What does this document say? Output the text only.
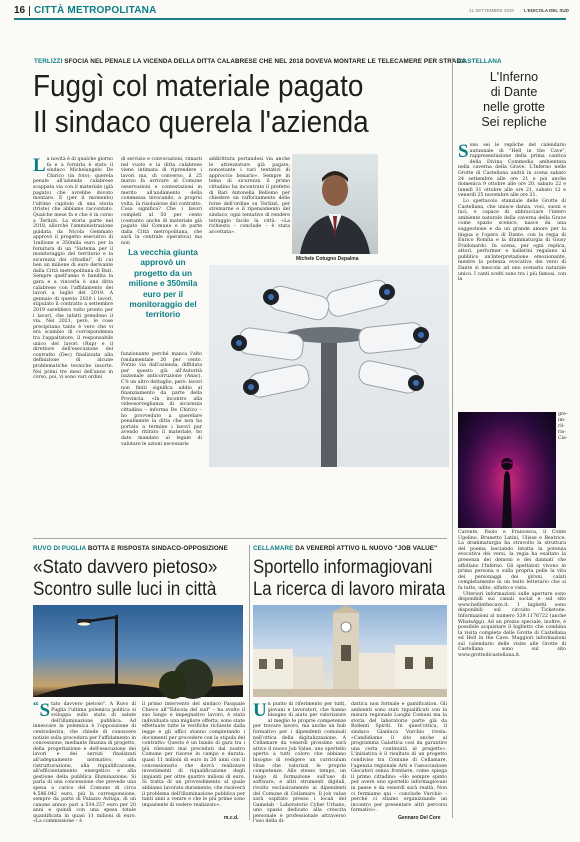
16 CITTÀ METROPOLITANA	21 SETTEMBRE 2020 L'EDICOLA DEL SUD
TERLIZZI SFOCIA NEL PENALE LA VICENDA DELLA DITTA CALABRESE CHE NEL 2018 DOVEVA MONTARE LE TELECAMERE PER STRADA
Fuggì col materiale pagato
Il sindaco querela l'azienda
L a novità è di qualche giorno fa e a fornirla è stato il sindaco Michelangelo De Chirico (in foto): querela penale all'azienda calabrese scappata via con il materiale (già pagato) che avrebbe dovuto montare. E (per il momento) l'ultimo capitolo di una storia (triste) che abbiamo raccontato. Qualche mese fa e che è in corso a Terlizzi. La storia parte nel 2018, allorché l'amministrazione guidata da Nicola Gemmato approvò il progetto esecutivo di 1milione e 350mila euro per la fornitura di un "Sistema per il monitoraggio del territorio e la sicurezza dei cittadini", di cui ben un milione di euro derivante dalla Città metropolitana di Bari. Sempre quell'anno è bandita la gara e a vincerla è una ditta calabrese con l'affidamento dei lavori a luglio del 2019. A gennaio di questo 2020 i lavori, stipulato il contratto a settembre 2019 sarebbero tutto pronto per i lavori, che infatti prendono il via. Nel 2021, però, le cose precipitano tanto è vero che vi era scambio di corrispondenza tra l'appaltatore, il responsabile unico del lavori (Rup) e il direttore dell'esecuzione del contratto (Dec) finalizzata alla definizione di alcune problematiche tecniche insorte. Nei primi tre mesi dell'anno in corso, poi, vi sono vari ordini

di servizio e convocazioni, rimasti nel vuoto e la ditta calabrese viene intimata di riprendere i lavori ma, di converso, il 25 marzo fa arrivare al Comune osservazioni e contestazioni in merito all'andamento della commessa invocando, a proprio volta, la risoluzione del contratto. Cosa significa? Che i lavori completi al 50 per cento (contanto anche di materiale già pagato dal Comune e in parte dalla Città metropolitana, che sarà la centrale operativa) ma non

La vecchia giunta approvò un progetto da un milione e 350mila euro per il monitoraggio del territorio

funzionante perché manca l'alto fondamentale 20 per cento. Porzio via dall'azienda, diffidata per questo già all'Autorità nazionale anticorruzione (Anac). C'è un altro dettaglio, però: lavori non finiti significa addio al finanziamento da parte della Provincia. «In incontro alla videosorveglianza di sicurezza cittadina – informa De Chirico – ho provveduto a querelare penalmente la ditta che non ha portato a termine i lavori pur avendo ritirato il materiale, ho dato mandato al legale di valutare le azioni necessarie

addirittura portandosi via anche le attrezzature già pagate, nonostante i vari tentativi di approccio bonario». Sempre in tema di sicurezza il primo cittadino ha incontrato il prefetto di Bari Antonella Bellomo per chiedere un rafforzamento delle forze dell'ordine su Terlizzi, per stremarne e il ripensamento del sindaco, ogni tentativo di rendere tetraggio facile la città. «La richiesta – conclude – è stata accettata».

Michele Cotugno Depalma
CASTELLANA
L'Inferno
di Dante
nelle grotte
Sei repliche
S ono sei le repliche del calendario autunnale di "Hell in the Cave", rappresentazione della prima cantica della Divina Commedia ambientata nella caverna della Grave. L'Inferno nelle Grotte di Castellana andrà in scena sabato 24 settembre alle ore 21 e poi anche domenica 9 ottobre alle ore 20, sabato 22 e lunedì 31 ottobre alle ore 21, sabato 12 e venerdì 25 novembre alle ore 21.

Lo spettacolo stanziale delle Grotte di Castellana, che unisce danza, voci, suoni e luci, e capace di abbracciare l'intero ambiente naturale della caverna della Grave come spazio scenico, nasce da una suggestione e da un grande amore per la lingua e l'opera di Dante, con la regia di Enrico Romita e la drammaturgia di Giusy Frallonardo. In scena, per ogni replica, attori, performer e ballerini regalano al pubblico un'interpretazione emozionante, mentre la potenza evocativa dei versi di Dante si mescola ad uno scenario naturale unico. I canti scelti sono tra i più famosi, con la

gre- im- ril- rio- Cia-

Caronte, Paolo e Francesca, il Conte Ugolino, Brunetto Latini, Ulisse e Beatrice. La drammaturgia ha stravolto la struttura del poema lasciando intatta la potenza evocativa dei versi, la regia ha esaltato la presenza dei demoni e dei dannati che affollano l'Inferno. Gli spettatori vivono in prima persona e sulla propria pelle la vita dei personaggi dei gironi, calati completamente in un testo letterario che si fa tatto, udito, olfatto e vista.

Ulteriori informazioni sulle aperture sono disponibili sui canali social e sul sito www.hellinthecave.it. I biglietti sono disponibili sul circuito Ticketone. Informazioni al numero 339.1176722 (anche WhatsApp). Ad un prezzo speciale, inoltre, è possibile acquistare il biglietto che combina la visita completa delle Grotte di Castellana ed Hell in the Cave. Maggiori informazioni sul calendario delle visite alle Grotte di Castellana sono sul sito www.grottedicastellana.it.

RUVO DI PUGLIA BOTTA E RISPOSTA SINDACO-OPPOSIZIONE
«Stato davvero pietoso»
Scontro sulle luci in città
“ S tato davvero pietoso". A Ruvo di Puglia l'ultima polemica politica si sviluppa sullo stato di salute dell'illuminazione pubblica. Ad innescare la polemica è l'opposizione di centrodestra, che chiede di conoscere notizie sulla procedura per l'affidamento in concessione, mediante finanza di progetto, della progettazione e dell'esecuzione dei lavori e dei servizi finalizzati all'adeguamento normativo, alla ristrutturazione, alla riqualificazione, all'efficientamento energetico e alla gestione della pubblica illuminazione. Si parla di una concessione che prevede una spesa a carico del Comune di circa 4.586.042 euro, più la corresponsione, sempre da parte di Palazzo Avitaja, di un canone annuo pari a 534.257 euro per 20 anni e quindi con una spesa totale quantificata in quasi 11 milioni di euro. «La commissione – è

il primo intervento del sindaco Pasquale Chieco all'"Edicola del sud" – ha svolto il suo lungo e impegnativo lavoro, è stata individuata una migliore offerta, sono state effettuate tutte le verifiche richieste dalla legge e gli uffici stanno completando i documenti per procedere con la stipula del contratto: Questo è un bando di gara tra i più rilevanti mai preceduti dal nostro Comune per risorse in campo e durata: quasi 11 milioni di euro in 20 anni con il concessionario che dovrà realizzare investimenti di riqualificazione degli impianti per oltre quattro milioni di euro. Si tratta di un provvedimento al quale abbiamo lavorato duramente, che risolverà il problema dell'illuminazione pubblica per tanti anni a venire e che le più prime sono impaziente di vedere realizzato».

m.c.d.
CELLAMARE DA VENERDÌ ATTIVO IL NUOVO "JOB VALUE"
Sportello informagiovani
La ricerca di lavoro mirata
U n punto di riferimento per tutti, giovani e lavoratori, che hanno bisogno di aiuto per valorizzare al meglio le proprie competenze per trovare lavoro, ma anche un hub formativo per i dipendenti comunali nell'ottica della digitalizzazione. A Cellamare da venerdì prossimo sarà attivo il nuovo Job Value, uno sportello aperto a tutti coloro che abbiano bisogno di redigere un curriculum vitae che valorizzi le proprie competenze. Allo stesso tempo, un luogo di formazione sull'uso di software, e altri strumenti digitali, rivolto esclusivamente ai dipendenti del Comune di Cellamare. Il job value sarà ospitato presso i locali del Gamelab - Laboratorio Cyber Urbano, uno spazio dedicato alla crescita personale e professionale attraverso l'uso della di-

dattica non formale e gamification. Gli ambienti sono stati riqualificati con la misura regionale Luoghi Comuni ma la storia del laboratorio parte già da Bollenti Spiriti. In quest'ottica, il sindaco Gianluca Vurchio rivela: «Candidiamo il sito anche al programma Galattica così da garantire una certa continuità al progetto». L'iniziativa è il risultato di un progetto condiviso tra Comune di Cellamare, l'agenzia regionale Arti e l'associazione Giocatori senza frontiere, come spiega il primo cittadino: «Ho sempre spinto per avere uno sportello informagiovani in paese e da venerdì sarà realtà. Non ci fermiamo qui – conclude Vurchio – perché ci stiamo organizzando un incontro per presentare altri percorsi formativi».

Gennaro Del Core
